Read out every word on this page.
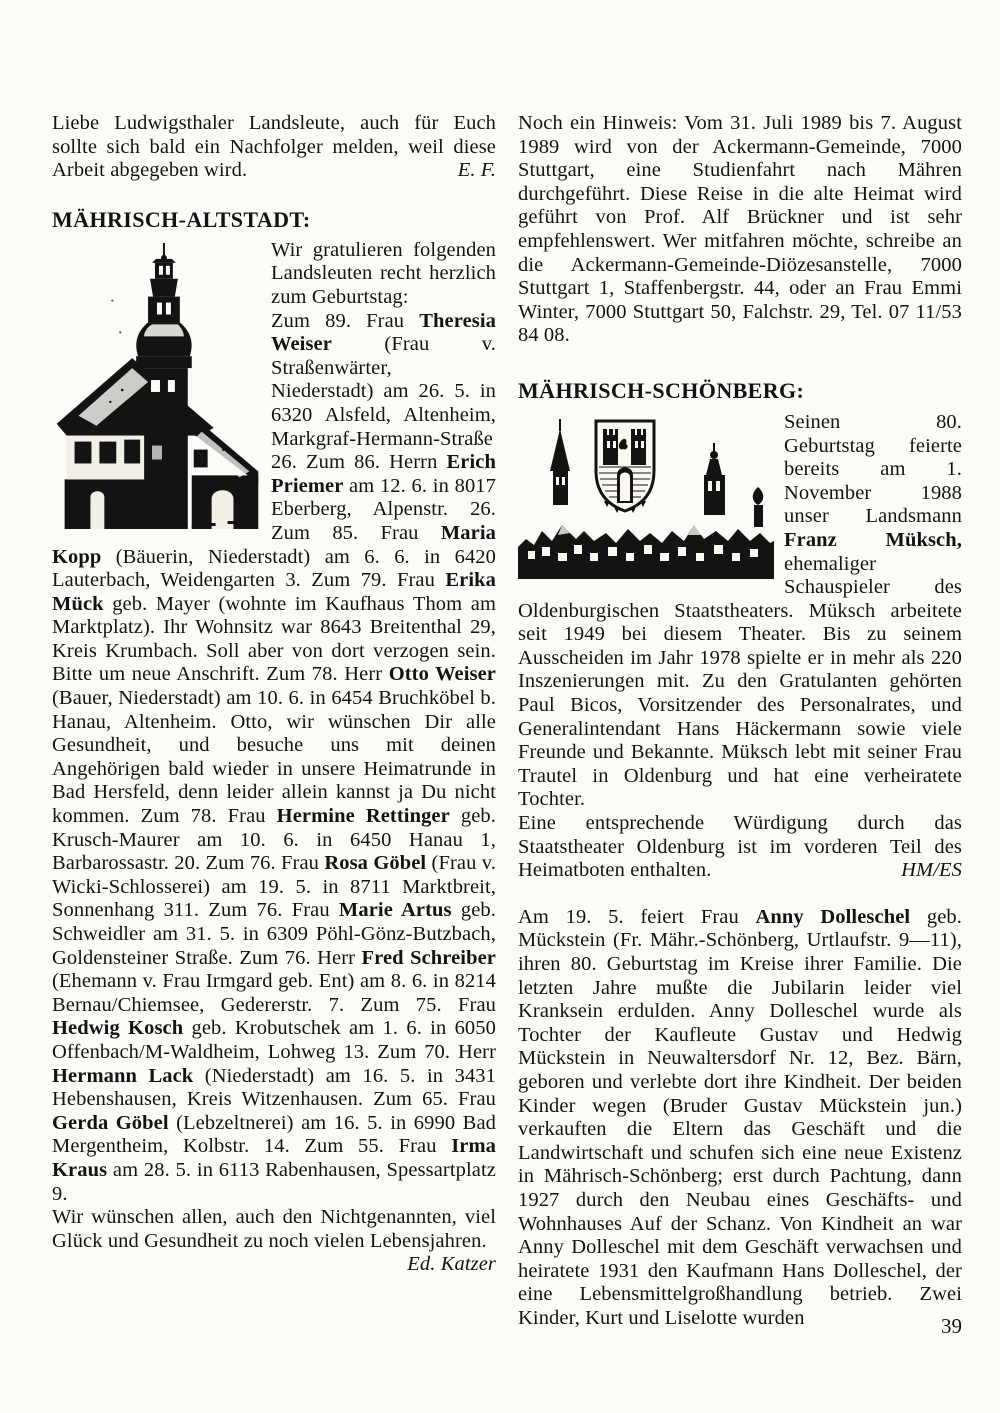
Liebe Ludwigsthaler Landsleute, auch für Euch sollte sich bald ein Nachfolger melden, weil diese Arbeit abgegeben wird.	E. F.

MÄHRISCH-ALTSTADT:

Wir gratulieren folgenden Landsleuten recht herzlich zum Geburtstag:

Zum 89. Frau Theresia Weiser (Frau v. Straßenwärter, Niederstadt) am 26. 5. in 6320 Alsfeld, Altenheim, Markgraf-Hermann-Straße 26. Zum 86. Herrn Erich Priemer am 12. 6. in 8017 Eberberg, Alpenstr. 26. Zum 85. Frau Maria Kopp (Bäuerin, Niederstadt) am 6. 6. in 6420 Lauterbach, Weidengarten 3. Zum 79. Frau Erika Mück geb. Mayer (wohnte im Kaufhaus Thom am Marktplatz). Ihr Wohnsitz war 8643 Breitenthal 29, Kreis Krumbach. Soll aber von dort verzogen sein. Bitte um neue Anschrift. Zum 78. Herr Otto Weiser (Bauer, Niederstadt) am 10. 6. in 6454 Bruchköbel b. Hanau, Altenheim. Otto, wir wünschen Dir alle Gesundheit, und besuche uns mit deinen Angehörigen bald wieder in unsere Heimatrunde in Bad Hersfeld, denn leider allein kannst ja Du nicht kommen. Zum 78. Frau Hermine Rettinger geb. Krusch-Maurer am 10. 6. in 6450 Hanau 1, Barbarossastr. 20. Zum 76. Frau Rosa Göbel (Frau v. Wicki-Schlosserei) am 19. 5. in 8711 Marktbreit, Sonnenhang 311. Zum 76. Frau Marie Artus geb. Schweidler am 31. 5. in 6309 Pöhl-Gönz-Butzbach, Goldensteiner Straße. Zum 76. Herr Fred Schreiber (Ehemann v. Frau Irmgard geb. Ent) am 8. 6. in 8214 Bernau/Chiemsee, Gedererstr. 7. Zum 75. Frau Hedwig Kosch geb. Krobutschek am 1. 6. in 6050 Offenbach/M-Waldheim, Lohweg 13. Zum 70. Herr Hermann Lack (Niederstadt) am 16. 5. in 3431 Hebenshausen, Kreis Witzenhausen. Zum 65. Frau Gerda Göbel (Lebzeltnerei) am 16. 5. in 6990 Bad Mergentheim, Kolbstr. 14. Zum 55. Frau Irma Kraus am 28. 5. in 6113 Rabenhausen, Spessartplatz 9.

Wir wünschen allen, auch den Nichtgenannten, viel Glück und Gesundheit zu noch vielen Lebensjahren.
Ed. Katzer

Noch ein Hinweis: Vom 31. Juli 1989 bis 7. August 1989 wird von der Ackermann-Gemeinde, 7000 Stuttgart, eine Studienfahrt nach Mähren durchgeführt. Diese Reise in die alte Heimat wird geführt von Prof. Alf Brückner und ist sehr empfehlenswert. Wer mitfahren möchte, schreibe an die Ackermann-Gemeinde-Diözesanstelle, 7000 Stuttgart 1, Staffenbergstr. 44, oder an Frau Emmi Winter, 7000 Stuttgart 50, Falchstr. 29, Tel. 07 11/53 84 08.

MÄHRISCH-SCHÖNBERG:

Seinen 80. Geburtstag feierte bereits am 1. November 1988 unser Landsmann Franz Müksch, ehemaliger Schauspieler des Oldenburgischen Staatstheaters. Müksch arbeitete seit 1949 bei diesem Theater. Bis zu seinem Ausscheiden im Jahr 1978 spielte er in mehr als 220 Inszenierungen mit. Zu den Gratulanten gehörten Paul Bicos, Vorsitzender des Personalrates, und Generalintendant Hans Häckermann sowie viele Freunde und Bekannte. Müksch lebt mit seiner Frau Trautel in Oldenburg und hat eine verheiratete Tochter.

Eine entsprechende Würdigung durch das Staatstheater Oldenburg ist im vorderen Teil des Heimatboten enthalten.	HM/ES

Am 19. 5. feiert Frau Anny Dolleschel geb. Mückstein (Fr. Mähr.-Schönberg, Urtlaufstr. 9—11), ihren 80. Geburtstag im Kreise ihrer Familie. Die letzten Jahre mußte die Jubilarin leider viel Kranksein erdulden. Anny Dolleschel wurde als Tochter der Kaufleute Gustav und Hedwig Mückstein in Neuwaltersdorf Nr. 12, Bez. Bärn, geboren und verlebte dort ihre Kindheit. Der beiden Kinder wegen (Bruder Gustav Mückstein jun.) verkauften die Eltern das Geschäft und die Landwirtschaft und schufen sich eine neue Existenz in Mährisch-Schönberg; erst durch Pachtung, dann 1927 durch den Neubau eines Geschäfts- und Wohnhauses Auf der Schanz. Von Kindheit an war Anny Dolleschel mit dem Geschäft verwachsen und heiratete 1931 den Kaufmann Hans Dolleschel, der eine Lebensmittelgroßhandlung betrieb. Zwei Kinder, Kurt und Liselotte wurden	39
